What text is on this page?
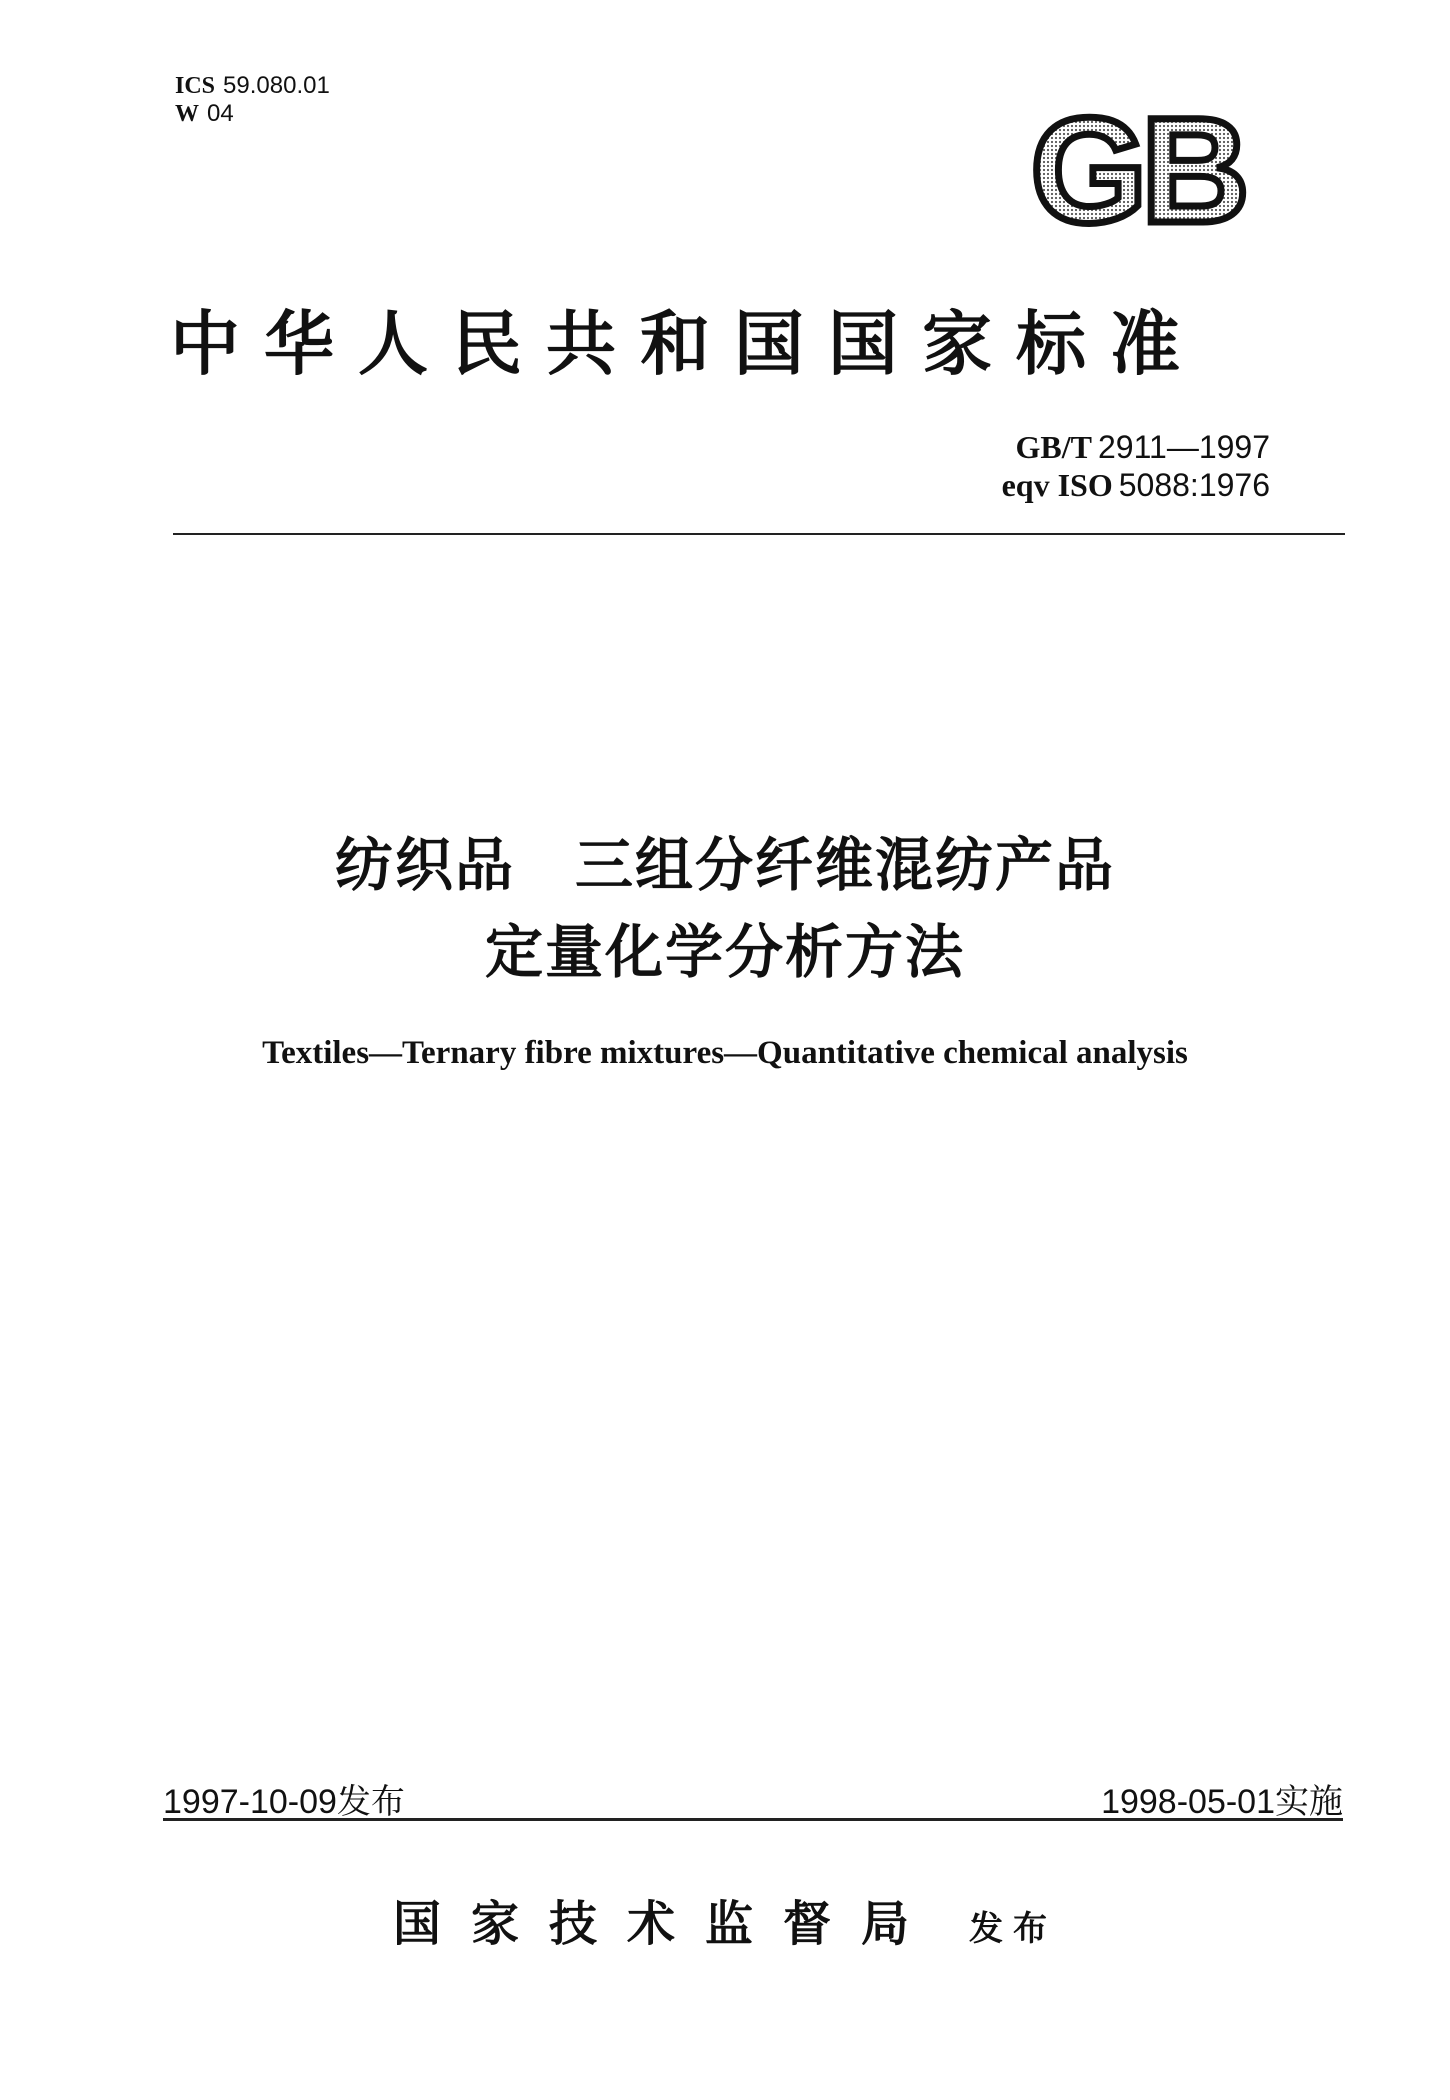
ICS 59.080.01
W 04	GB
中华人民共和国国家标准
GB/T 2911—1997
eqv ISO 5088:1976
纺织品　三组分纤维混纺产品
定量化学分析方法
Textiles—Ternary fibre mixtures—Quantitative chemical analysis
1997-10-09发布	1998-05-01实施
国家技术监督局 发布
